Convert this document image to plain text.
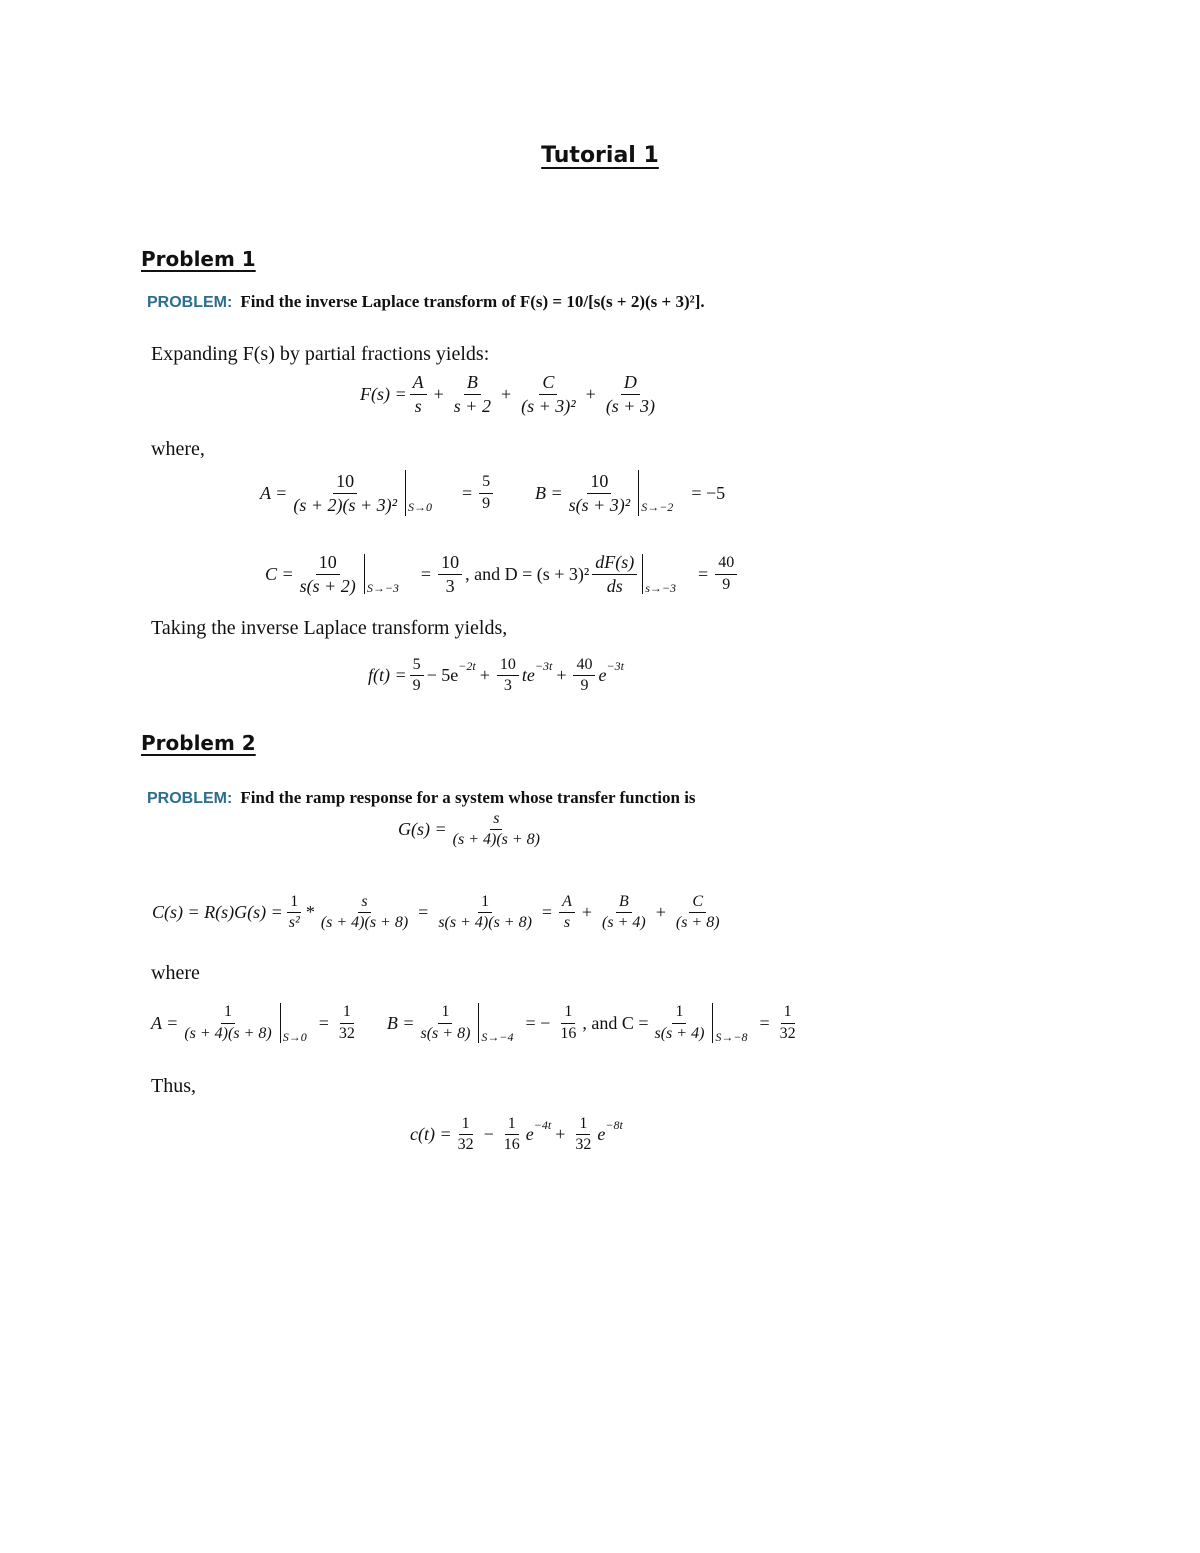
Tutorial 1
Problem 1
PROBLEM: Find the inverse Laplace transform of F(s) = 10/[s(s + 2)(s + 3)²].
Expanding F(s) by partial fractions yields:
$F(s) = \frac{A}{s} + \frac{B}{s + 2} + \frac{C}{\text{(s + 3)²}} + \frac{D}{(s + 3)}$
where,
$A = \frac{10}{\text{(s + 2)(s + 3)²}} S\to 0$
= $\frac{5}{9}$ $B = \frac{10}{\text{s(s + 3)²}} S\to-2$
= −5
$C = \frac{10}{s(s + 2)} S\to-3$
= $\frac{10}{3}$ , and $D = (s + 3)^2 \frac{dF(s)}{ds} s\to-3$
= $\frac{40}{9}$
Taking the inverse Laplace transform yields,
$f(t) = \frac{5}{9} - 5e -2t + \frac{10}{3}$ te $-3t + \frac{40}{9}$ e −3t
Problem 2
PROBLEM: Find the ramp response for a system whose transfer function is
$G(s) = \frac{s}{(s + 4)(s + 8)}$
$C(s) = R(s)G(s) = \frac{1}{\text{s²}} * \frac{s}{(s + 4)(s + 8)} = \frac{1}{s(s + 4)(s + 8)} = \frac{A}{s} + \frac{B}{(s + 4)} + \frac{C}{(s + 8)}$
where
$A = \frac{1}{(s + 4)(s + 8)} S\to 0$
= $\frac{1}{32}$ $B = \frac{1}{s(s + 8)} S\to-4$
= − $\frac{1}{16}$ , and $C = \frac{1}{s(s + 4)} S\to-8$
= $\frac{1}{32}$
Thus,
$c(t) = \frac{1}{32} - \frac{1}{16}$ $e -4t + \frac{1}{32}$ e −8t
